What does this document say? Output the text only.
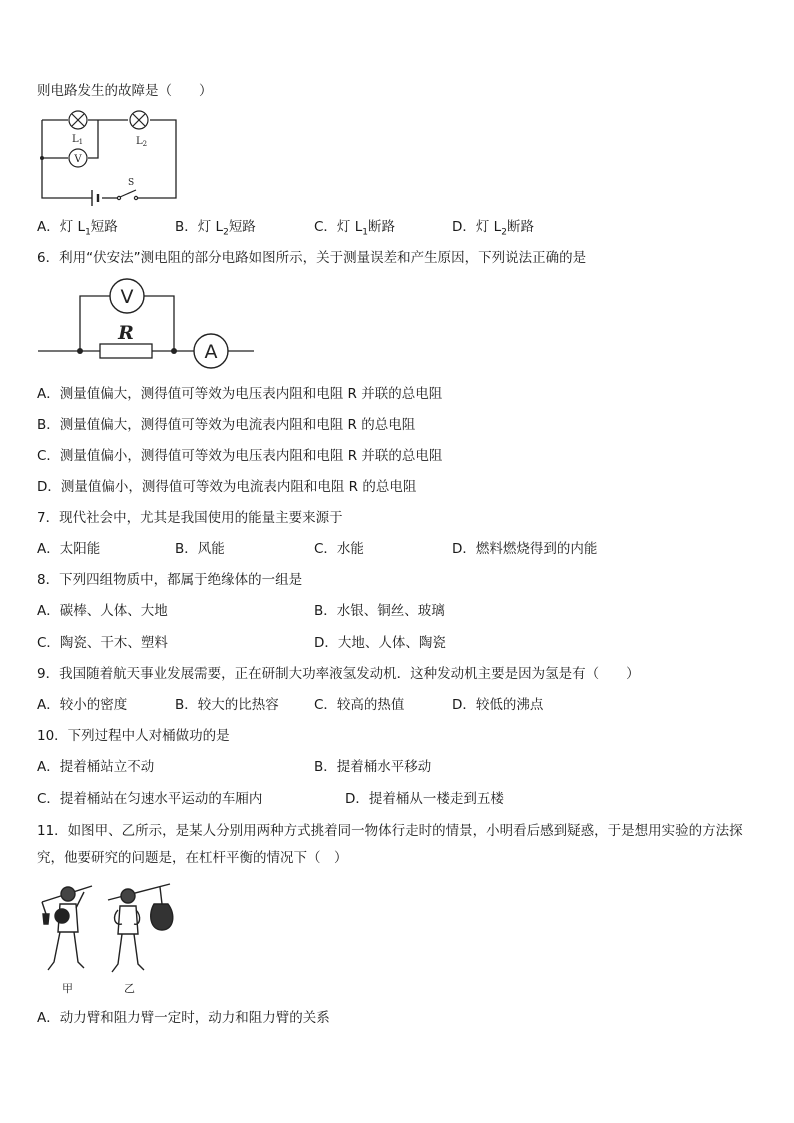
则电路发生的故障是（　　）
V
$L_1$	$L_2$
S
A．灯 $L_1$短路	B．灯 $L_2$短路	C．灯 $L_1$断路	D．灯 $L_2$断路
6．利用“伏安法”测电阻的部分电路如图所示，关于测量误差和产生原因，下列说法正确的是
R
V
A
A．测量值偏大，测得值可等效为电压表内阻和电阻 R 并联的总电阻
B．测量值偏大，测得值可等效为电流表内阻和电阻 R 的总电阻
C．测量值偏小，测得值可等效为电压表内阻和电阻 R 并联的总电阻
D．测量值偏小，测得值可等效为电流表内阻和电阻 R 的总电阻
7．现代社会中，尤其是我国使用的能量主要来源于
A．太阳能	B．风能	C．水能	D．燃料燃烧得到的内能
8．下列四组物质中，都属于绝缘体的一组是
A．碳棒、人体、大地	B．水银、铜丝、玻璃
C．陶瓷、干木、塑料	D．大地、人体、陶瓷
9．我国随着航天事业发展需要，正在研制大功率液氢发动机．这种发动机主要是因为氢是有（　　）
A．较小的密度	B．较大的比热容	C．较高的热值	D．较低的沸点
10．下列过程中人对桶做功的是
A．提着桶站立不动	B．提着桶水平移动
C．提着桶站在匀速水平运动的车厢内	D．提着桶从一楼走到五楼
11．如图甲、乙所示，是某人分别用两种方式挑着同一物体行走时的情景，小明看后感到疑惑，于是想用实验的方法探究，他要研究的问题是，在杠杆平衡的情况下（　）
甲	乙
A．动力臂和阻力臂一定时，动力和阻力臂的关系
